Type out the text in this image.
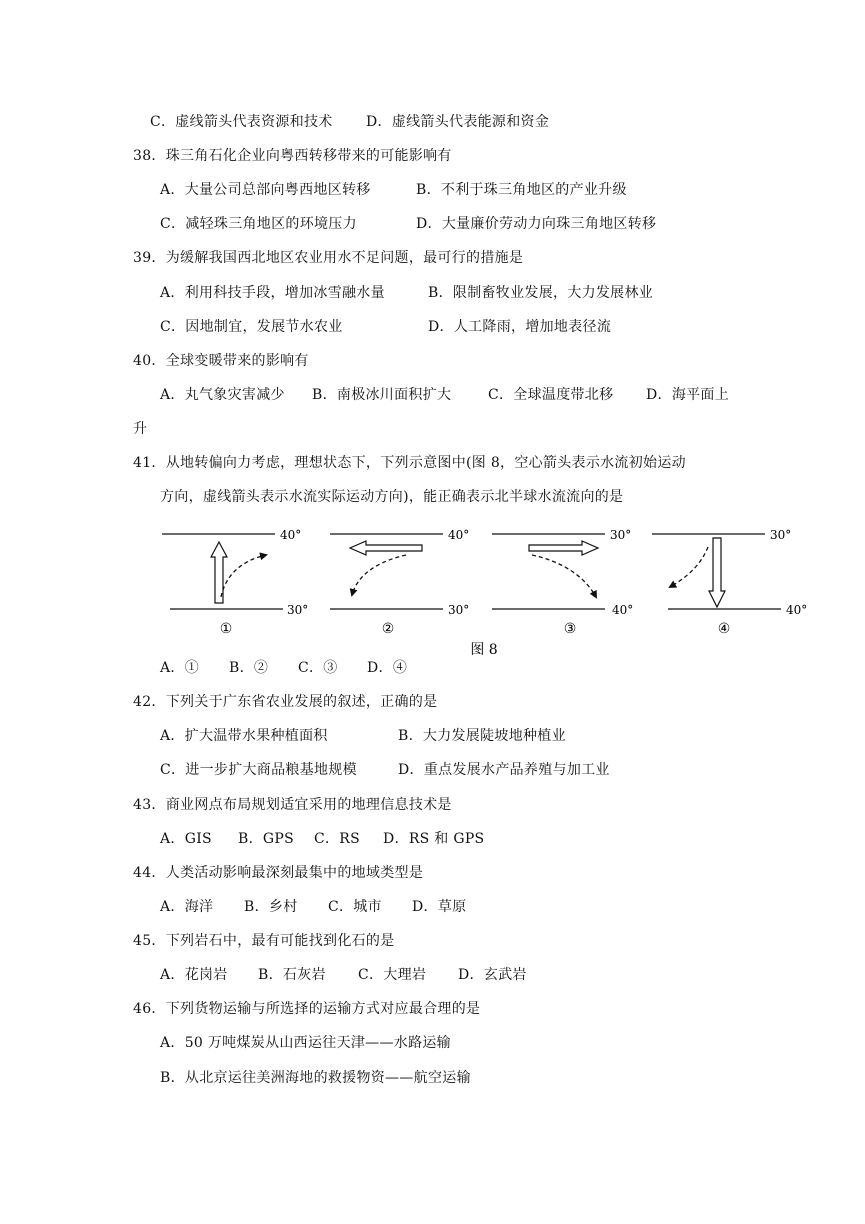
C．虚线箭头代表资源和技术 D．虚线箭头代表能源和资金
38．珠三角石化企业向粤西转移带来的可能影响有
A．大量公司总部向粤西地区转移	B．不利于珠三角地区的产业升级
C．减轻珠三角地区的环境压力	D．大量廉价劳动力向珠三角地区转移
39．为缓解我国西北地区农业用水不足问题，最可行的措施是
A．利用科技手段，增加冰雪融水量	B．限制畜牧业发展，大力发展林业
C．因地制宜，发展节水农业	D．人工降雨，增加地表径流
40．全球变暖带来的影响有
A．丸气象灾害减少 B．南极冰川面积扩大	C．全球温度带北移 D．海平面上
升
41．从地转偏向力考虑，理想状态下，下列示意图中(图 8，空心箭头表示水流初始运动
方向，虚线箭头表示水流实际运动方向)，能正确表示北半球水流流向的是
40°
30°
①
40°
30°
②
30°
40°
③
30°
40°
④
图 8
A．① B．② C．③ D．④
42．下列关于广东省农业发展的叙述，正确的是
A．扩大温带水果种植面积	B．大力发展陡坡地种植业
C．进一步扩大商品粮基地规模	D．重点发展水产品养殖与加工业
43．商业网点布局规划适宜采用的地理信息技术是
A．GIS B．GPS C．RS D．RS 和 GPS
44．人类活动影响最深刻最集中的地域类型是
A．海洋 B．乡村 C．城市 D．草原
45．下列岩石中，最有可能找到化石的是
A．花岗岩 B．石灰岩 C．大理岩 D．玄武岩
46．下列货物运输与所选择的运输方式对应最合理的是
A．50 万吨煤炭从山西运往天津——水路运输
B．从北京运往美洲海地的救援物资——航空运输
